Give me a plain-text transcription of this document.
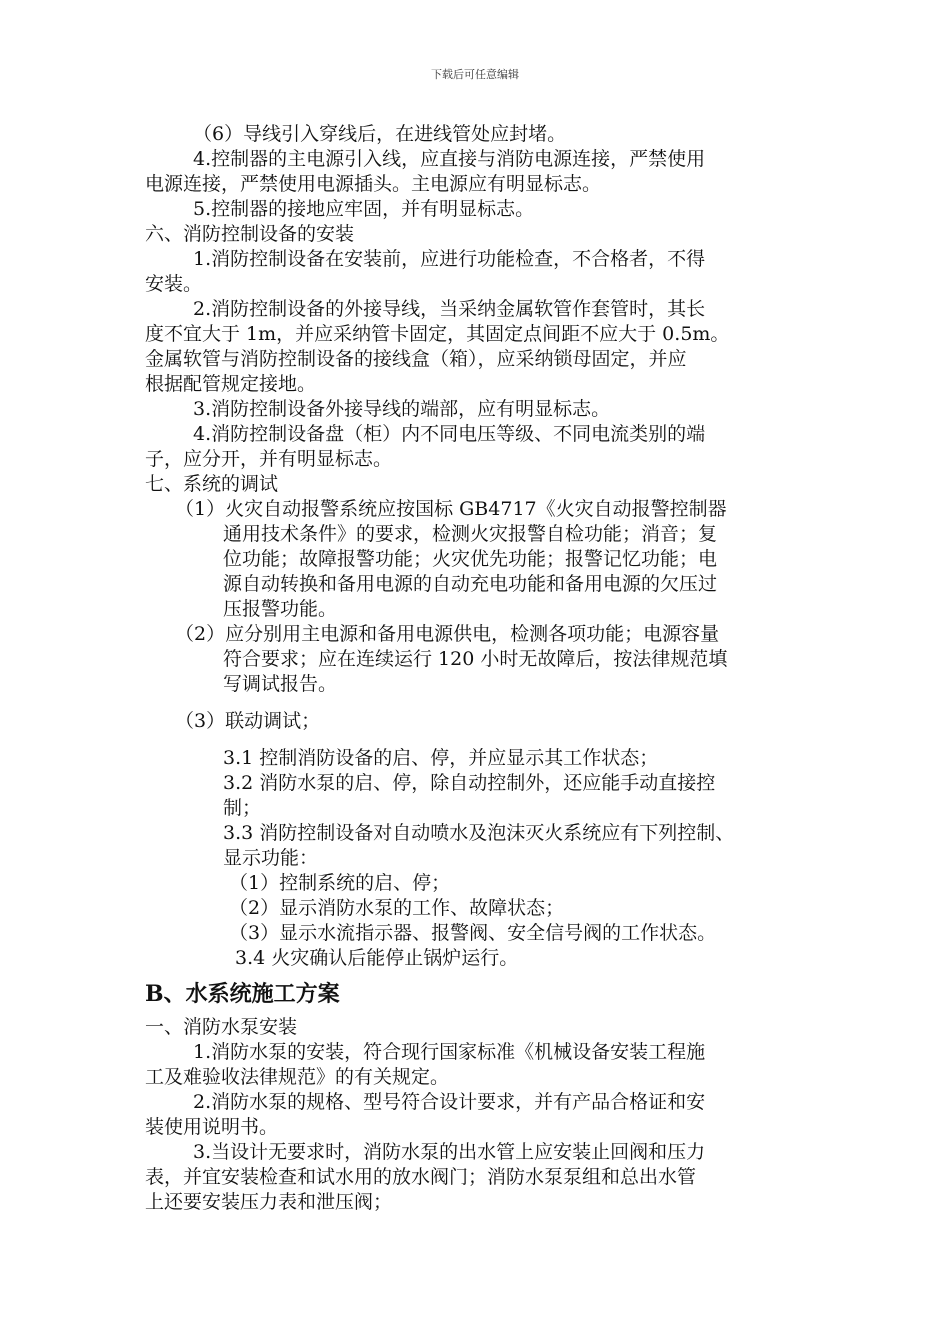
下载后可任意编辑
（6）导线引入穿线后，在进线管处应封堵。
4.控制器的主电源引入线，应直接与消防电源连接，严禁使用
电源连接，严禁使用电源插头。主电源应有明显标志。
5.控制器的接地应牢固，并有明显标志。
六、消防控制设备的安装
1.消防控制设备在安装前，应进行功能检查，不合格者，不得
安装。
2.消防控制设备的外接导线，当采纳金属软管作套管时，其长
度不宜大于 1m，并应采纳管卡固定，其固定点间距不应大于 0.5m。
金属软管与消防控制设备的接线盒（箱），应采纳锁母固定，并应
根据配管规定接地。
3.消防控制设备外接导线的端部，应有明显标志。
4.消防控制设备盘（柜）内不同电压等级、不同电流类别的端
子，应分开，并有明显标志。
七、系统的调试
（1）火灾自动报警系统应按国标 GB4717《火灾自动报警控制器
通用技术条件》的要求，检测火灾报警自检功能；消音；复
位功能；故障报警功能；火灾优先功能；报警记忆功能；电
源自动转换和备用电源的自动充电功能和备用电源的欠压过
压报警功能。
（2）应分别用主电源和备用电源供电，检测各项功能；电源容量
符合要求；应在连续运行 120 小时无故障后，按法律规范填
写调试报告。
（3）联动调试；
3.1 控制消防设备的启、停，并应显示其工作状态；
3.2 消防水泵的启、停，除自动控制外，还应能手动直接控
制；
3.3 消防控制设备对自动喷水及泡沫灭火系统应有下列控制、
显示功能：
（1）控制系统的启、停；
（2）显示消防水泵的工作、故障状态；
（3）显示水流指示器、报警阀、安全信号阀的工作状态。
3.4 火灾确认后能停止锅炉运行。
B、水系统施工方案
一、消防水泵安装
1.消防水泵的安装，符合现行国家标准《机械设备安装工程施
工及难验收法律规范》的有关规定。
2.消防水泵的规格、型号符合设计要求，并有产品合格证和安
装使用说明书。
3.当设计无要求时，消防水泵的出水管上应安装止回阀和压力
表，并宜安装检查和试水用的放水阀门；消防水泵泵组和总出水管
上还要安装压力表和泄压阀；
